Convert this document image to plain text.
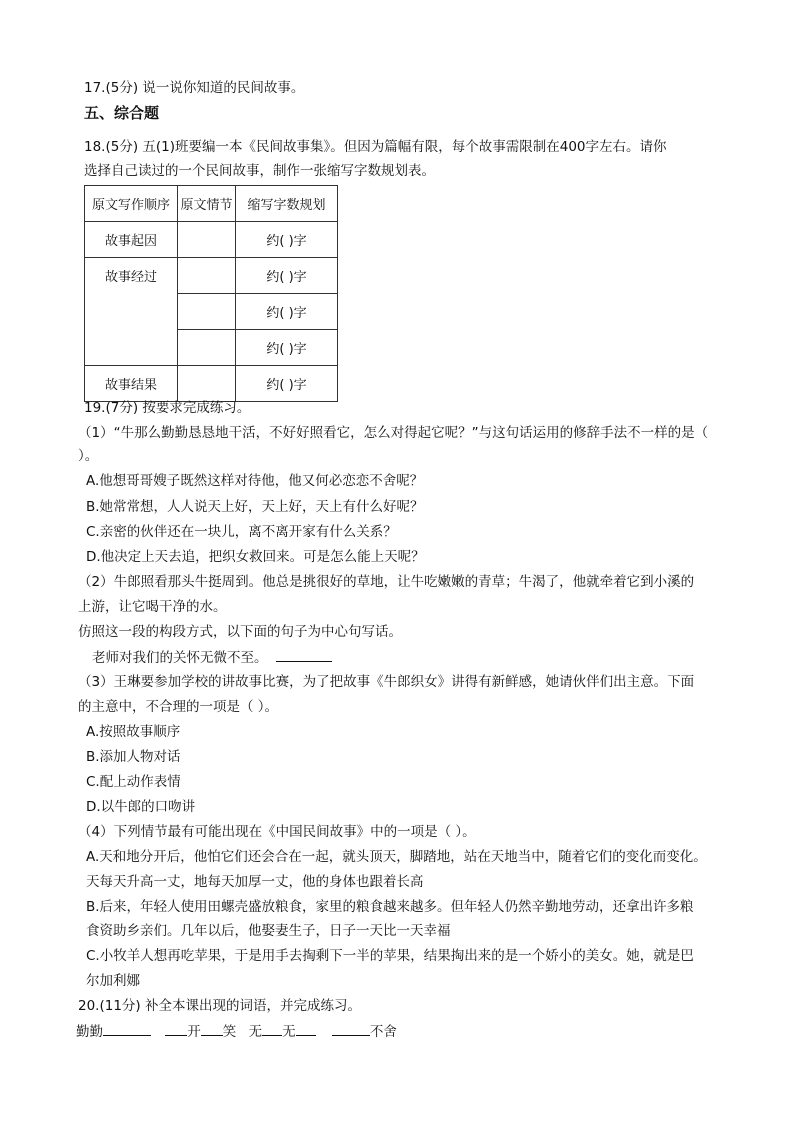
17.(5分) 说一说你知道的民间故事。
五、综合题
18.(5分) 五(1)班要编一本《民间故事集》。但因为篇幅有限，每个故事需限制在400字左右。请你
选择自己读过的一个民间故事，制作一张缩写字数规划表。
原文写作顺序	原文情节	缩写字数规划
故事起因		约( )字
故事经过		约( )字
		约( )字
		约( )字
故事结果		约( )字
19.(7分) 按要求完成练习。
（1）“牛那么勤勤恳恳地干活，不好好照看它，怎么对得起它呢？”与这句话运用的修辞手法不一样的是（
）。
A.他想哥哥嫂子既然这样对待他，他又何必恋恋不舍呢？
B.她常常想，人人说天上好，天上好，天上有什么好呢？
C.亲密的伙伴还在一块儿，离不离开家有什么关系？
D.他决定上天去追，把织女救回来。可是怎么能上天呢？
（2）牛郎照看那头牛挺周到。他总是挑很好的草地，让牛吃嫩嫩的青草；牛渴了，他就牵着它到小溪的
上游，让它喝干净的水。
仿照这一段的构段方式，以下面的句子为中心句写话。
老师对我们的关怀无微不至。
（3）王琳要参加学校的讲故事比赛，为了把故事《牛郎织女》讲得有新鲜感，她请伙伴们出主意。下面
的主意中，不合理的一项是（ ）。
A.按照故事顺序
B.添加人物对话
C.配上动作表情
D.以牛郎的口吻讲
（4）下列情节最有可能出现在《中国民间故事》中的一项是（ ）。
A.天和地分开后，他怕它们还会合在一起，就头顶天，脚踏地，站在天地当中，随着它们的变化而变化。
天每天升高一丈，地每天加厚一丈，他的身体也跟着长高
B.后来，年轻人使用田螺壳盛放粮食，家里的粮食越来越多。但年轻人仍然辛勤地劳动，还拿出许多粮
食资助乡亲们。几年以后，他娶妻生子，日子一天比一天幸福
C.小牧羊人想再吃苹果，于是用手去掏剩下一半的苹果，结果掏出来的是一个娇小的美女。她，就是巴
尔加利娜
20.(11分) 补全本课出现的词语，并完成练习。
勤勤	开 笑 无 无	不舍
